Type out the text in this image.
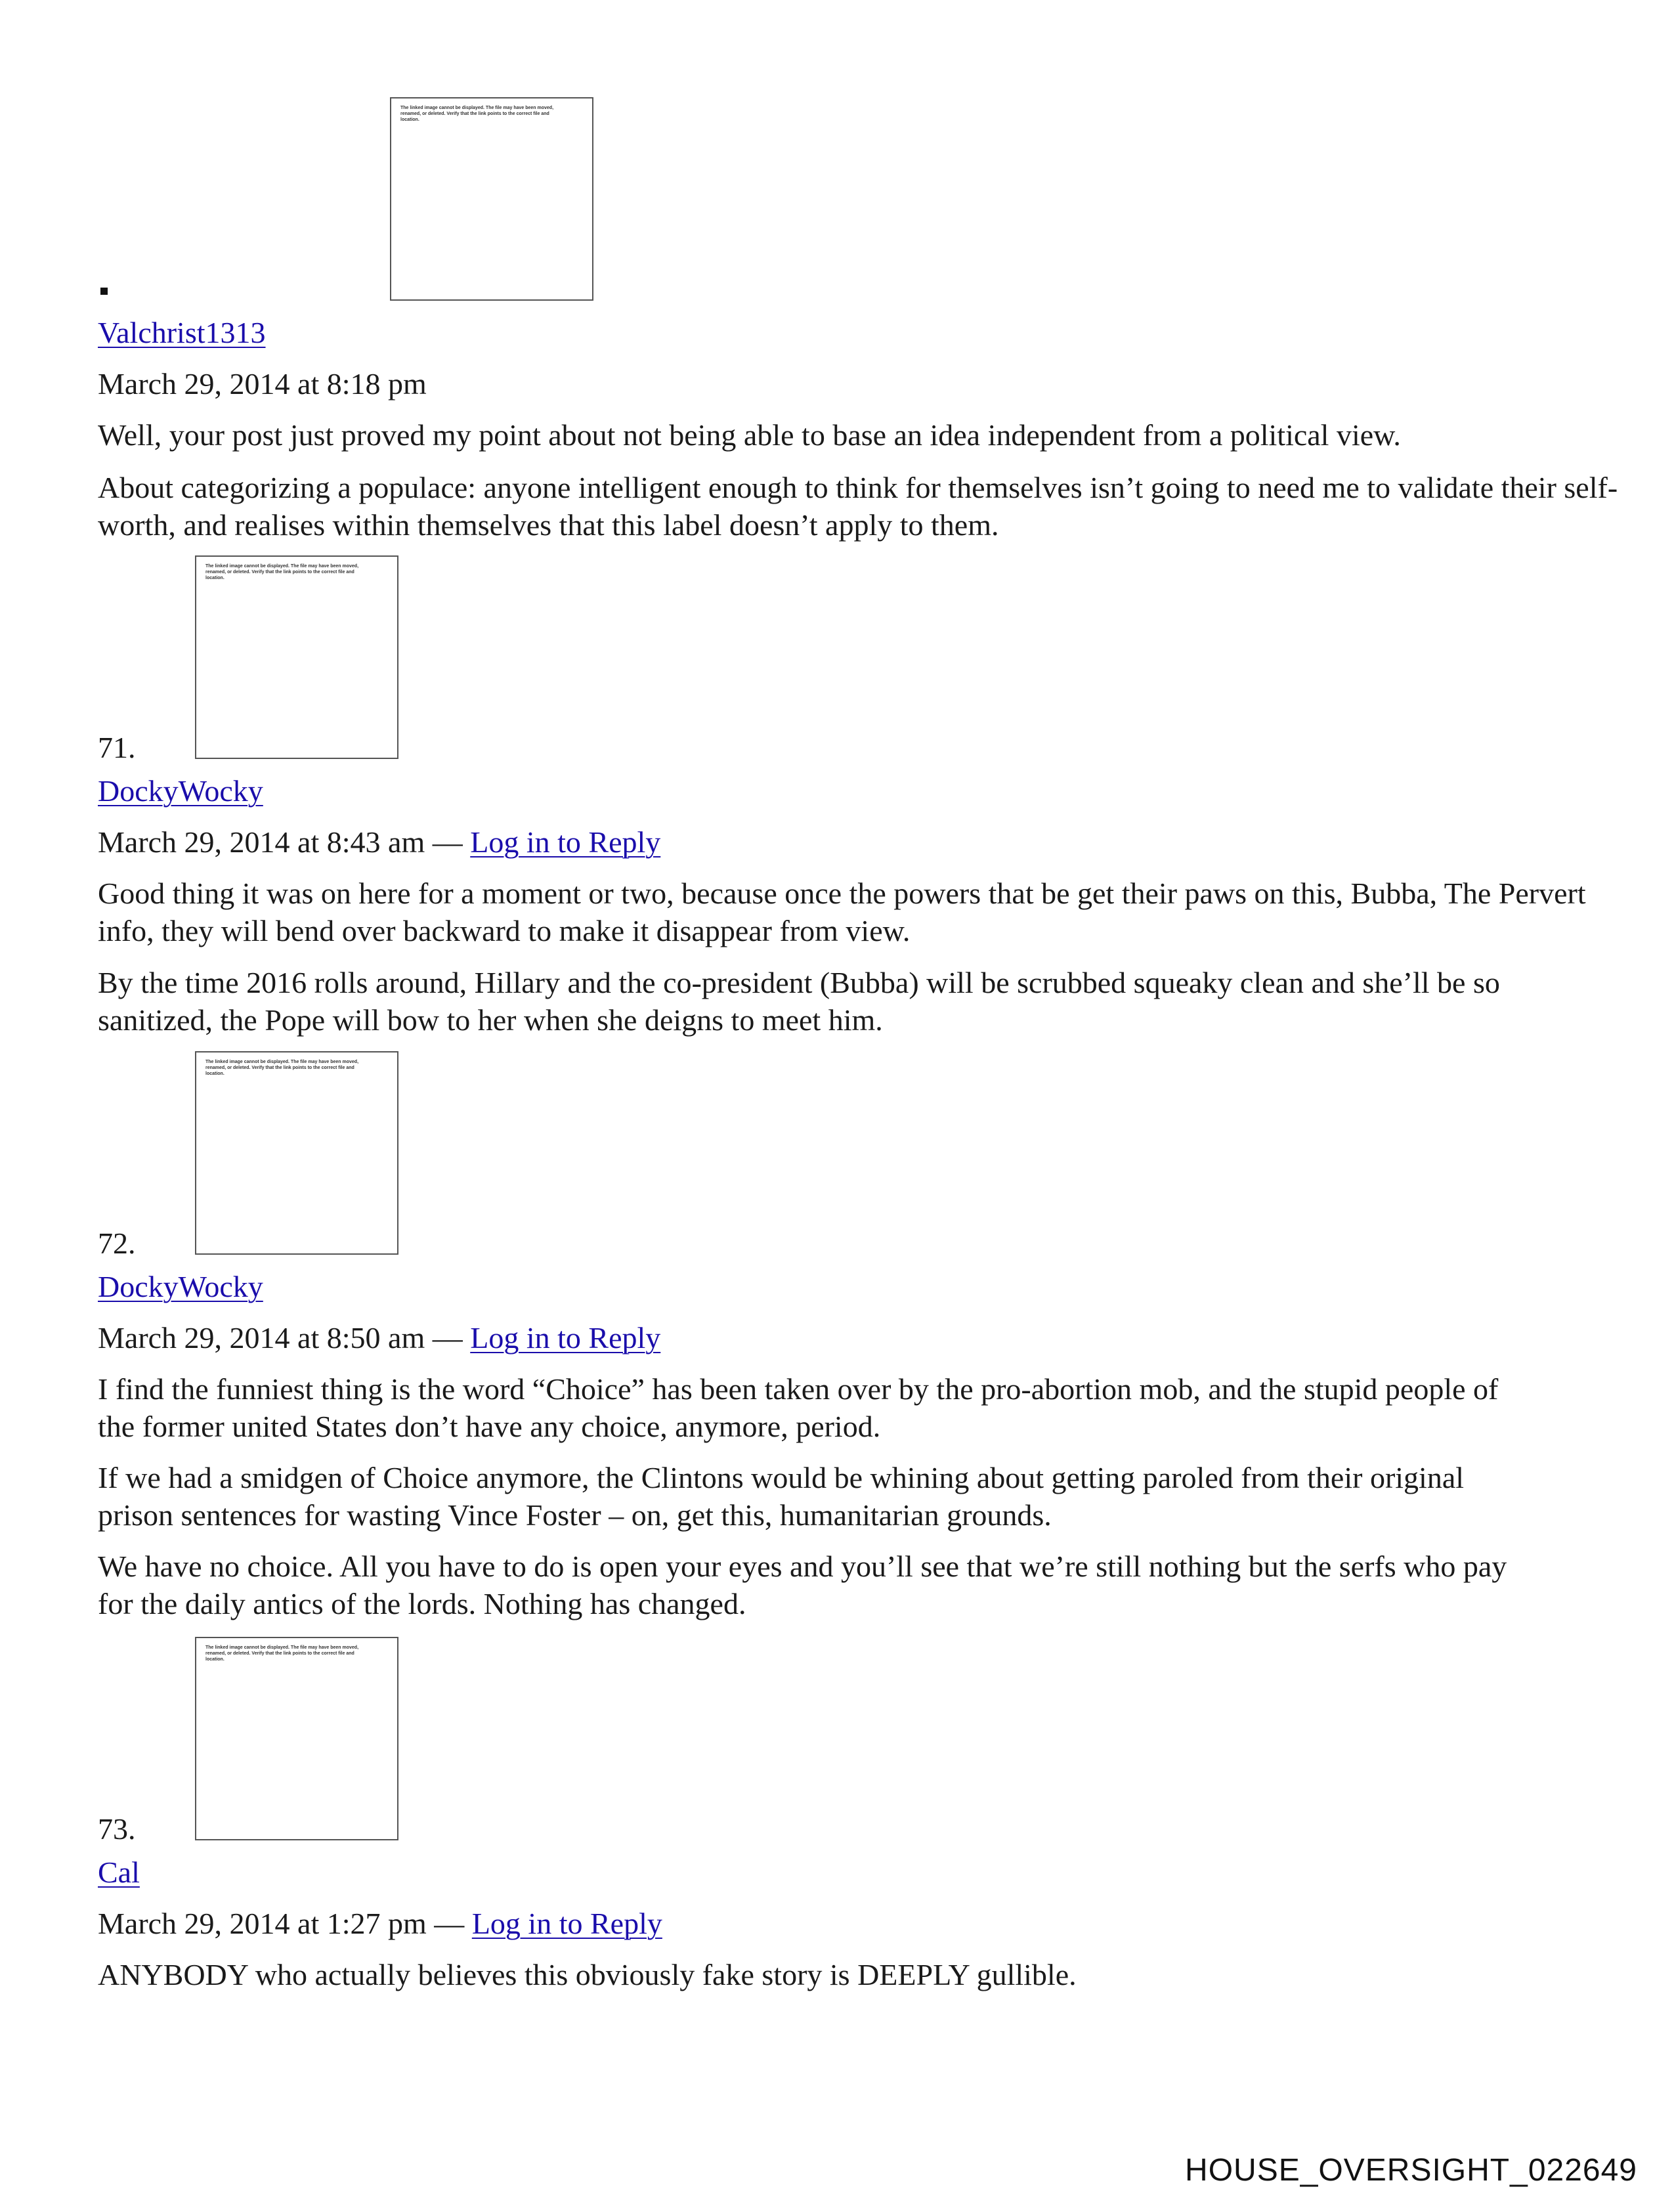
The linked image cannot be displayed. The file may have been moved, renamed, or deleted. Verify that the link points to the correct file and location.
Valchrist1313
March 29, 2014 at 8:18 pm
Well, your post just proved my point about not being able to base an idea independent from a political view.
About categorizing a populace: anyone intelligent enough to think for themselves isn’t going to need me to validate their self-worth, and realises within themselves that this label doesn’t apply to them.
The linked image cannot be displayed. The file may have been moved, renamed, or deleted. Verify that the link points to the correct file and location.
71.
DockyWocky
March 29, 2014 at 8:43 am — Log in to Reply
Good thing it was on here for a moment or two, because once the powers that be get their paws on this, Bubba, The Pervert info, they will bend over backward to make it disappear from view.
By the time 2016 rolls around, Hillary and the co-president (Bubba) will be scrubbed squeaky clean and she’ll be so sanitized, the Pope will bow to her when she deigns to meet him.
The linked image cannot be displayed. The file may have been moved, renamed, or deleted. Verify that the link points to the correct file and location.
72.
DockyWocky
March 29, 2014 at 8:50 am — Log in to Reply
I find the funniest thing is the word “Choice” has been taken over by the pro-abortion mob, and the stupid people of the former united States don’t have any choice, anymore, period.
If we had a smidgen of Choice anymore, the Clintons would be whining about getting paroled from their original prison sentences for wasting Vince Foster – on, get this, humanitarian grounds.
We have no choice. All you have to do is open your eyes and you’ll see that we’re still nothing but the serfs who pay for the daily antics of the lords. Nothing has changed.
The linked image cannot be displayed. The file may have been moved, renamed, or deleted. Verify that the link points to the correct file and location.
73.
Cal
March 29, 2014 at 1:27 pm — Log in to Reply
ANYBODY who actually believes this obviously fake story is DEEPLY gullible.
HOUSE_OVERSIGHT_022649
